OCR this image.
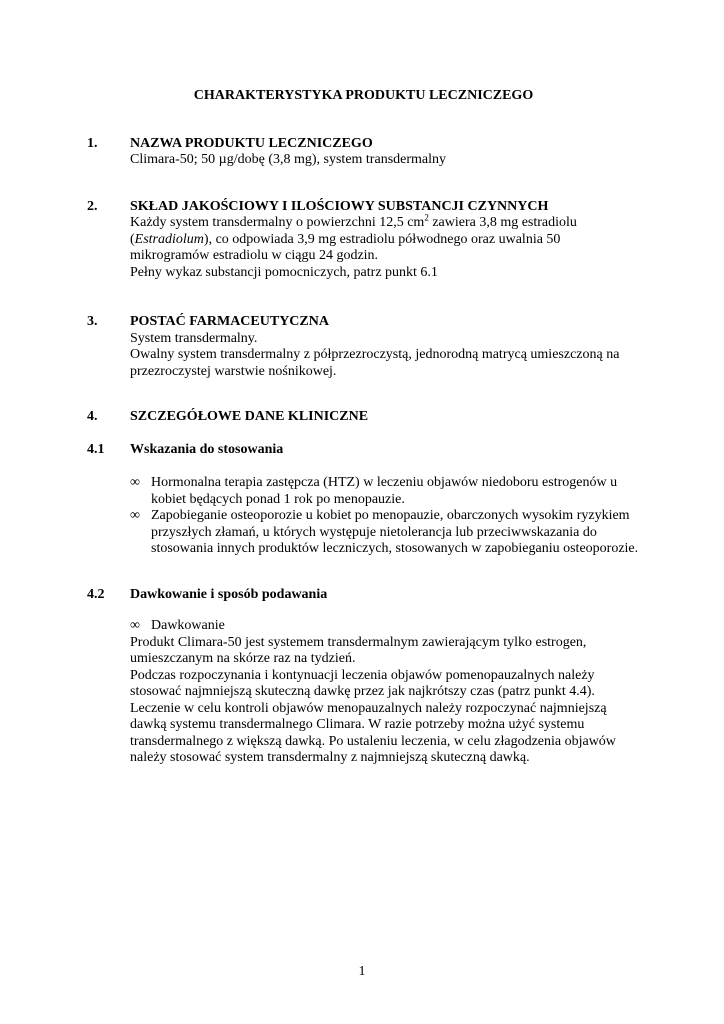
CHARAKTERYSTYKA PRODUKTU LECZNICZEGO
1.	NAZWA PRODUKTU LECZNICZEGO

Climara-50; 50 µg/dobę (3,8 mg), system transdermalny

2.	SKŁAD JAKOŚCIOWY I ILOŚCIOWY SUBSTANCJI CZYNNYCH

Każdy system transdermalny o powierzchni 12,5 $cm^2$ zawiera 3,8 mg estradiolu (Estradiolum), co odpowiada 3,9 mg estradiolu półwodnego oraz uwalnia 50 mikrogramów estradiolu w ciągu 24 godzin.

Pełny wykaz substancji pomocniczych, patrz punkt 6.1

3.	POSTAĆ FARMACEUTYCZNA

System transdermalny.

Owalny system transdermalny z półprzezroczystą, jednorodną matrycą umieszczoną na przezroczystej warstwie nośnikowej.

4.	SZCZEGÓŁOWE DANE KLINICZNE
4.1	Wskazania do stosowania
∞ Hormonalna terapia zastępcza (HTZ) w leczeniu objawów niedoboru estrogenów u kobiet będących ponad 1 rok po menopauzie.
∞ Zapobieganie osteoporozie u kobiet po menopauzie, obarczonych wysokim ryzykiem przyszłych złamań, u których występuje nietolerancja lub przeciwwskazania do stosowania innych produktów leczniczych, stosowanych w zapobieganiu osteoporozie.
4.2	Dawkowanie i sposób podawania
∞ Dawkowanie

Produkt Climara-50 jest systemem transdermalnym zawierającym tylko estrogen, umieszczanym na skórze raz na tydzień.

Podczas rozpoczynania i kontynuacji leczenia objawów pomenopauzalnych należy stosować najmniejszą skuteczną dawkę przez jak najkrótszy czas (patrz punkt 4.4). Leczenie w celu kontroli objawów menopauzalnych należy rozpoczynać najmniejszą dawką systemu transdermalnego Climara. W razie potrzeby można użyć systemu transdermalnego z większą dawką. Po ustaleniu leczenia, w celu złagodzenia objawów należy stosować system transdermalny z najmniejszą skuteczną dawką.

1
